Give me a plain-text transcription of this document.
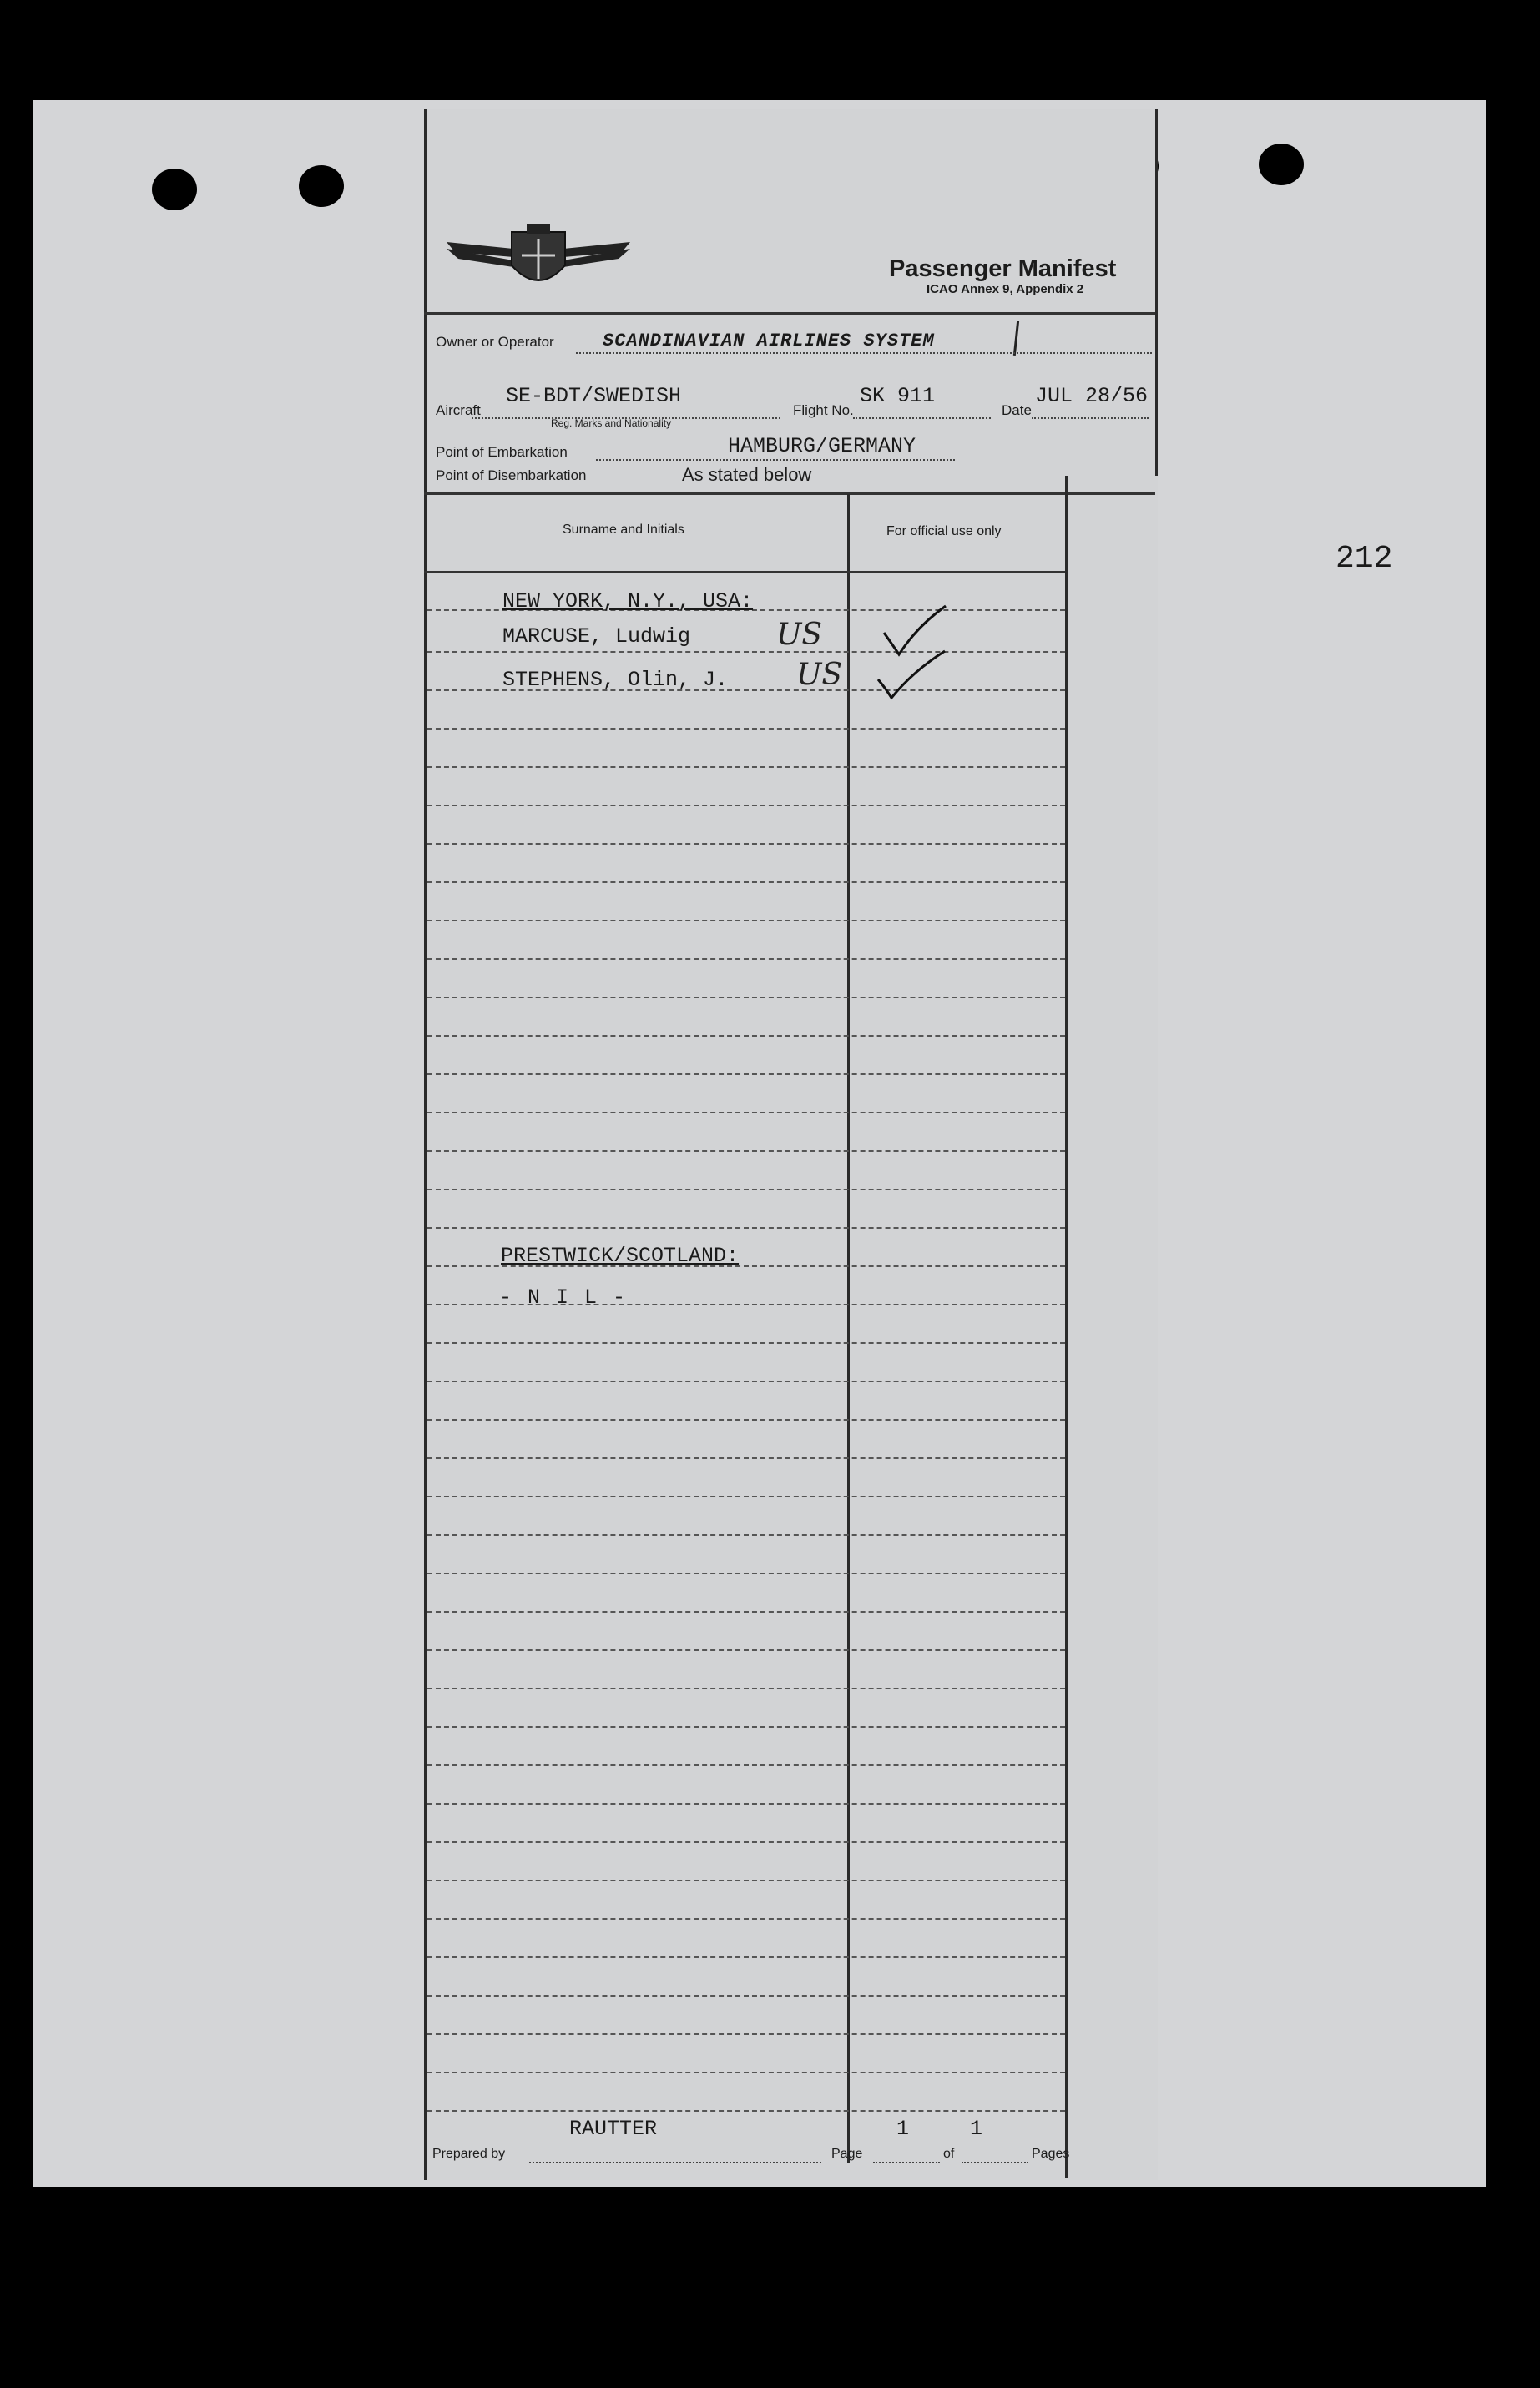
212
Passenger Manifest
ICAO Annex 9, Appendix 2
Owner or Operator	SCANDINAVIAN AIRLINES SYSTEM
Aircraft
SE-BDT/SWEDISH
Reg. Marks and Nationality
Flight No.
SK 911
Date
JUL 28/56
Point of Embarkation	HAMBURG/GERMANY
Point of Disembarkation	As stated below
Surname and Initials	For official use only
NEW YORK, N.Y., USA:
MARCUSE, Ludwig	US
STEPHENS, Olin, J. US
PRESTWICK/SCOTLAND:
- N I L -
RAUTTER	1	1
Prepared by	Page	of	Pages
